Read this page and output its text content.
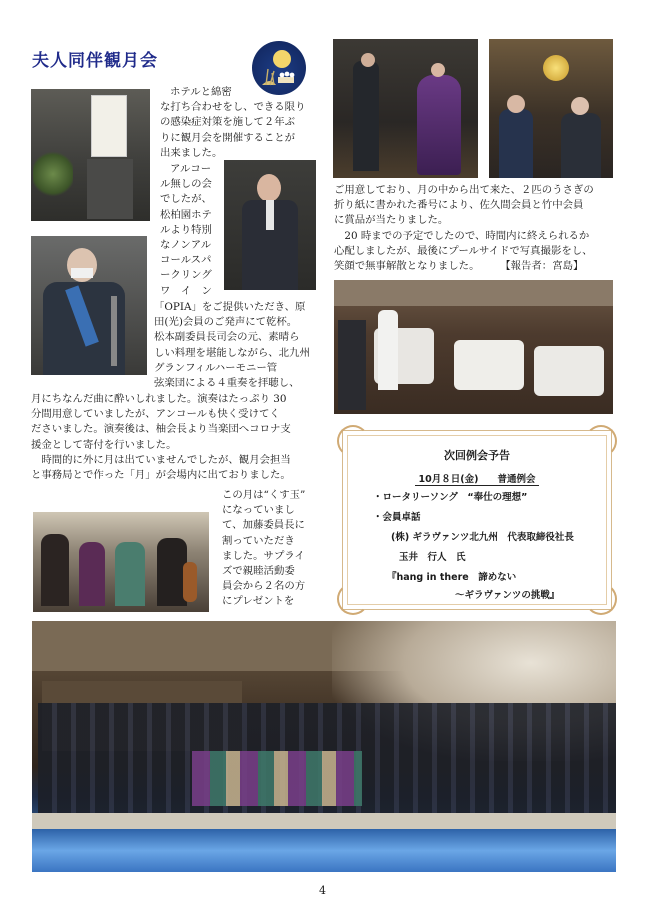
夫人同伴観月会

ホテルと綿密

な打ち合わせをし、できる限り

の感染症対策を施して２年ぶ

りに観月会を開催することが

出来ました。

アルコー

ル無しの会

でしたが、

松柏園ホテ

ルより特別

なノンアル

コールスパ

ークリング

ワ　イ　ン

「OPIA」をご提供いただき、原

田(光)会員のご発声にて乾杯。

松本副委員長司会の元、素晴ら

しい料理を堪能しながら、北九州

グランフィルハーモニー管

弦楽団による４重奏を拝聴し、

月にちなんだ曲に酔いしれました。演奏はたっぷり 30

分間用意していましたが、アンコールも快く受けてく

ださいました。演奏後は、柚会長より当楽団へコロナ支

援金として寄付を行いました。

　時間的に外に月は出ていませんでしたが、観月会担当

と事務局とで作った「月」が会場内に出ておりました。

この月は“くす玉”

になっていまし

て、加藤委員長に

割っていただき

ました。サプライ

ズで親睦活動委

員会から２名の方

にプレゼントを

ご用意しており、月の中から出て来た、２匹のうさぎの

折り紙に書かれた番号により、佐久間会員と竹中会員

に賞品が当たりました。

　20 時までの予定でしたので、時間内に終えられるか

心配しましたが、最後にプールサイドで写真撮影をし、

笑顔で無事解散となりました。　　　【報告者：宮島】

次回例会予告
10月８日(金)　　普通例会
・ロータリーソング　“奉仕の理想”
・会員卓話
(株) ギラヴァンツ北九州　代表取締役社長
玉井　行人　氏
『hang in there　諦めない
～ギラヴァンツの挑戦』
4
